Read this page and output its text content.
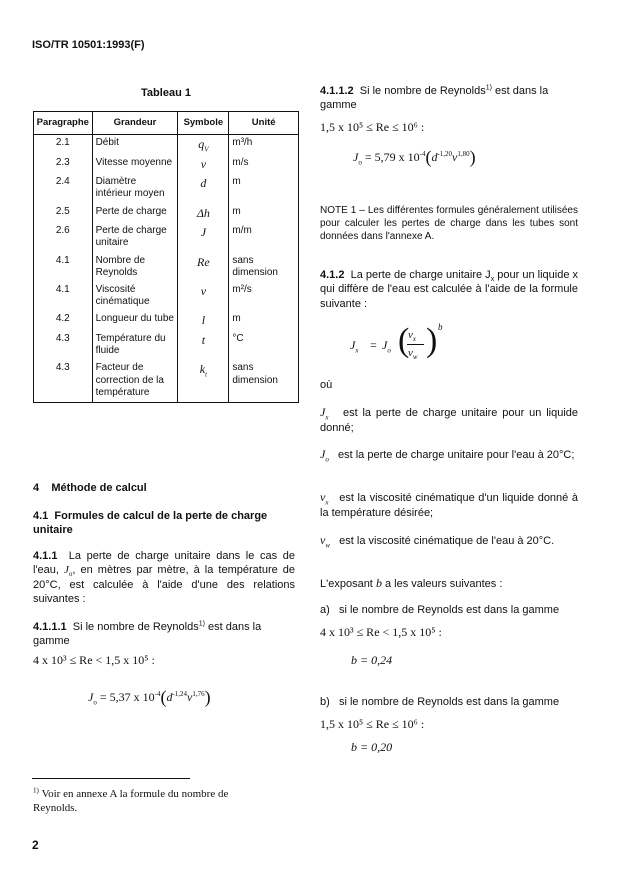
ISO/TR 10501:1993(F)
Tableau 1
Paragraphe	Grandeur	Symbole	Unité
2.1	Débit	$q_V$	m³/h
2.3	Vitesse moyenne	v	m/s
2.4	Diamètre intérieur moyen	d	m
2.5	Perte de charge	Δh	m
2.6	Perte de charge unitaire	J	m/m
4.1	Nombre de Reynolds	Re	sans dimension
4.1	Viscosité cinématique	v	m²/s
4.2	Longueur du tube	l	m
4.3	Température du fluide	t	°C
4.3	Facteur de correction de la température	$k_t$	sans dimension
4 Méthode de calcul
4.1 Formules de calcul de la perte de charge unitaire
4.1.1 La perte de charge unitaire dans le cas de l'eau, $J_o$, en mètres par mètre, à la température de 20°C, est calculée à l'aide d'une des relations suivantes :
4.1.1.1 Si le nombre de Reynolds$^{1)}$ est dans la gamme
4 x 10³ ≤ Re < 1,5 x 10⁵ :
$J_o = 5,37$ x $10^{-4}(d^{-1,24}v^{1,76})$
$^{1)}$ Voir en annexe A la formule du nombre de Reynolds.
2
4.1.1.2 Si le nombre de Reynolds$^{1)}$ est dans la gamme
1,5 x 10⁵ ≤ Re ≤ 10⁶ :
$J_o = 5,79$ x $10^{-4}(d^{-1,20}v^{1,80})$
NOTE 1 – Les différentes formules généralement utilisées pour calculer les pertes de charge dans les tubes sont données dans l'annexe A.
4.1.2 La perte de charge unitaire $J_x$ pour un liquide x qui diffère de l'eau est calculée à l'aide de la formule suivante :
$J_x = J_o$ (
$v_x$
$v_w$ ) b
où
$J_x$ est la perte de charge unitaire pour un liquide donné;
$J_o$ est la perte de charge unitaire pour l'eau à 20°C;
$v_x$ est la viscosité cinématique d'un liquide donné à la température désirée;
$v_w$ est la viscosité cinématique de l'eau à 20°C.
L'exposant b a les valeurs suivantes :
a) si le nombre de Reynolds est dans la gamme
4 x 10³ ≤ Re < 1,5 x 10⁵ :
b = 0,24
b) si le nombre de Reynolds est dans la gamme
1,5 x 10⁵ ≤ Re ≤ 10⁶ :
b = 0,20
